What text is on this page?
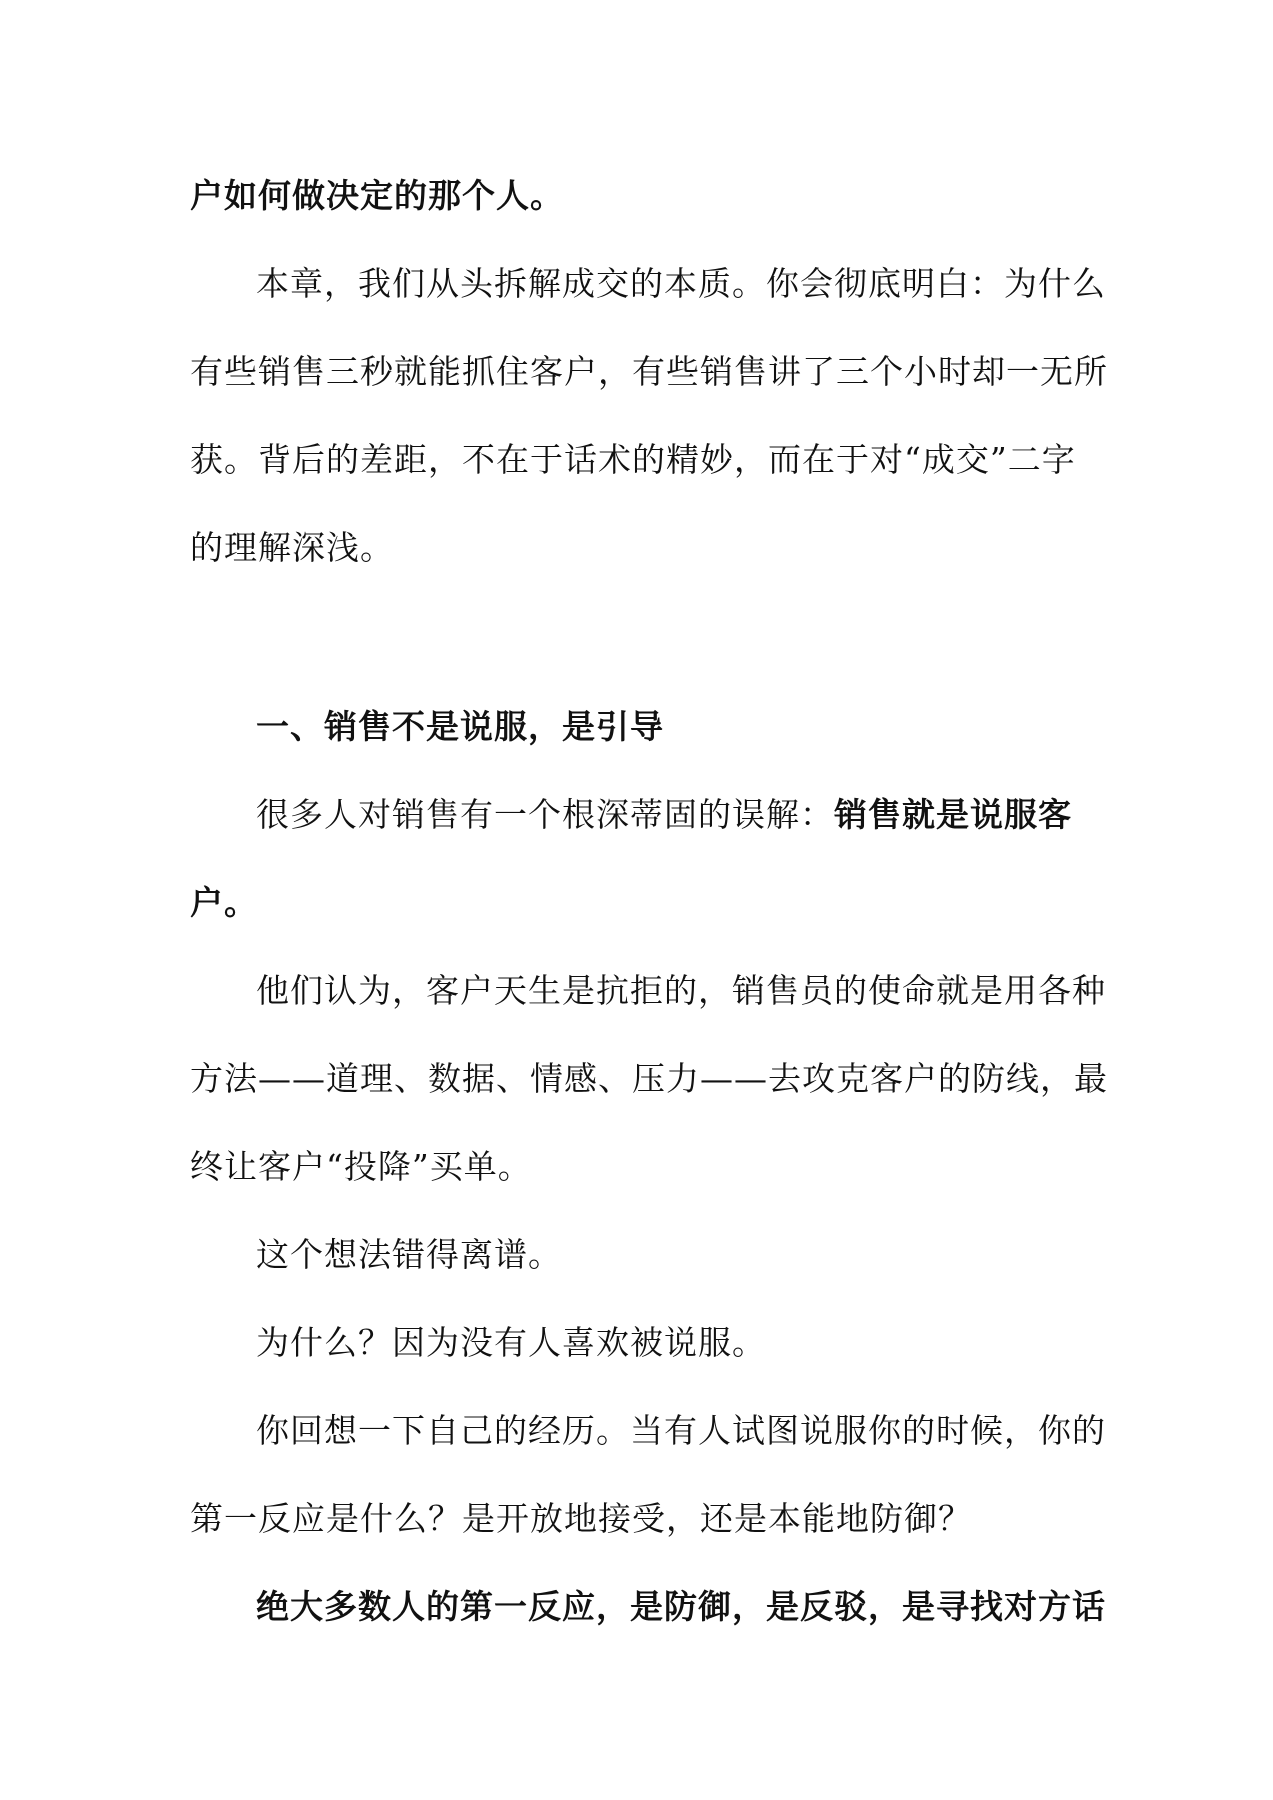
户如何做决定的那个人。
本章，我们从头拆解成交的本质。你会彻底明白：为什么
有些销售三秒就能抓住客户，有些销售讲了三个小时却一无所
获。背后的差距，不在于话术的精妙，而在于对“成交”二字
的理解深浅。
一、销售不是说服，是引导
很多人对销售有一个根深蒂固的误解：销售就是说服客
户。
他们认为，客户天生是抗拒的，销售员的使命就是用各种
方法——道理、数据、情感、压力——去攻克客户的防线，最
终让客户“投降”买单。
这个想法错得离谱。
为什么？因为没有人喜欢被说服。
你回想一下自己的经历。当有人试图说服你的时候，你的
第一反应是什么？是开放地接受，还是本能地防御？
绝大多数人的第一反应，是防御，是反驳，是寻找对方话
